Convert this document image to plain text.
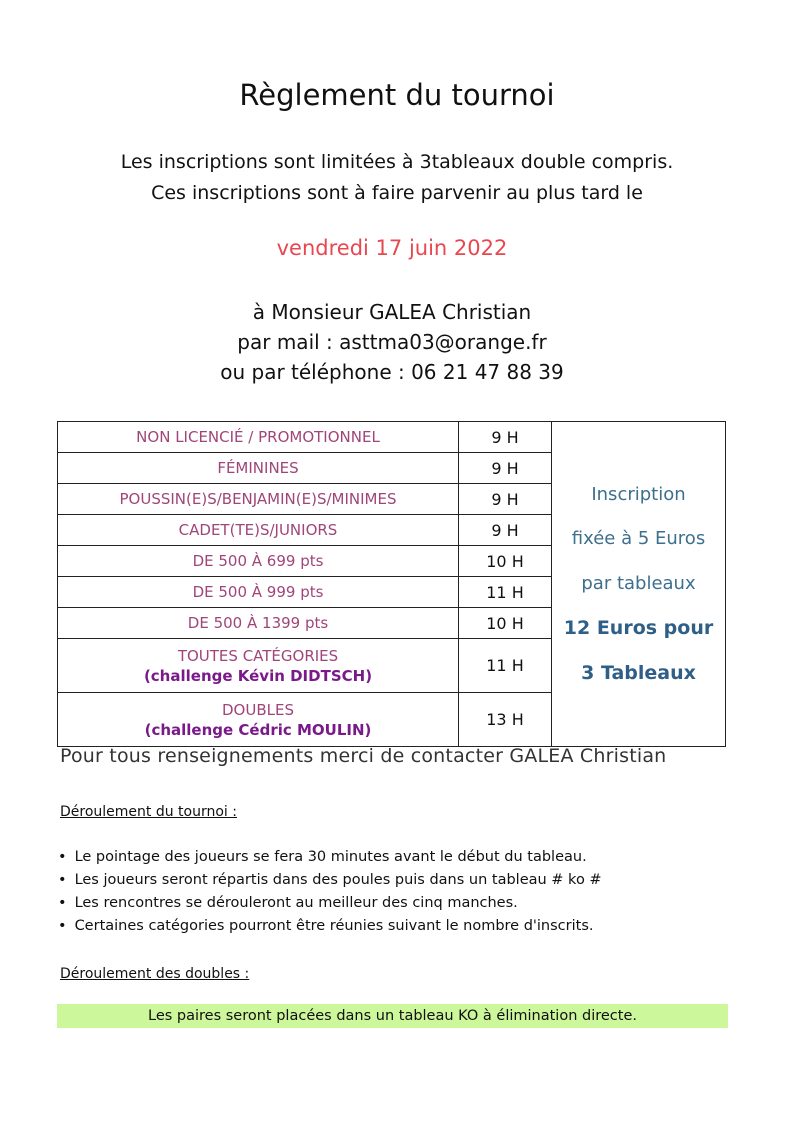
Règlement du tournoi
Les inscriptions sont limitées à 3tableaux double compris.
Ces inscriptions sont à faire parvenir au plus tard le
vendredi 17 juin 2022
à Monsieur GALEA Christian
par mail : asttma03@orange.fr
ou par téléphone : 06 21 47 88 39
NON LICENCIÉ / PROMOTIONNEL	9 H	Inscription
fixée à 5 Euros
par tableaux
12 Euros pour
3 Tableaux

FÉMININES	9 H	

POUSSIN(E)S/BENJAMIN(E)S/MINIMES	9 H	

CADET(TE)S/JUNIORS	9 H	

DE 500 À 699 pts	10 H	

DE 500 À 999 pts	11 H	

DE 500 À 1399 pts	10 H	

TOUTES CATÉGORIES
(challenge Kévin DIDTSCH)	11 H	

DOUBLES
(challenge Cédric MOULIN)	13 H	
Pour tous renseignements merci de contacter GALEA Christian
Déroulement du tournoi :
• Le pointage des joueurs se fera 30 minutes avant le début du tableau.
• Les joueurs seront répartis dans des poules puis dans un tableau # ko #
• Les rencontres se dérouleront au meilleur des cinq manches.
• Certaines catégories pourront être réunies suivant le nombre d'inscrits.
Déroulement des doubles :
Les paires seront placées dans un tableau KO à élimination directe.
